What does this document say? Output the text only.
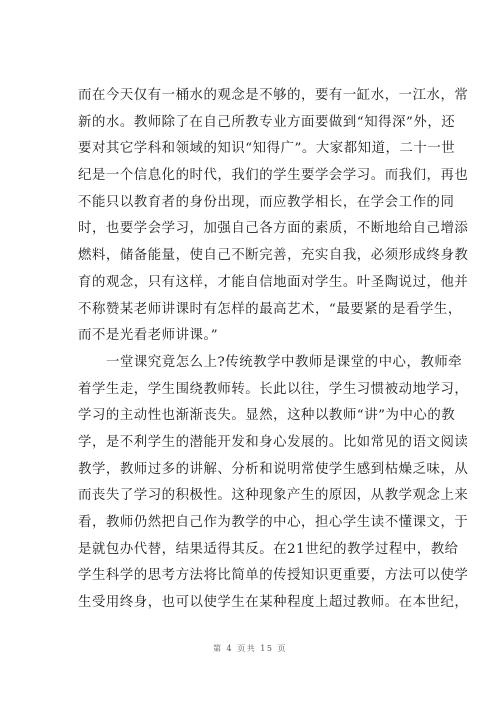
而在今天仅有一桶水的观念是不够的，要有一缸水，一江水，常
新的水。教师除了在自己所教专业方面要做到“知得深”外，还
要对其它学科和领域的知识“知得广”。大家都知道，二十一世
纪是一个信息化的时代，我们的学生要学会学习。而我们，再也
不能只以教育者的身份出现，而应教学相长，在学会工作的同
时，也要学会学习，加强自己各方面的素质，不断地给自己增添
燃料，储备能量，使自己不断完善，充实自我，必须形成终身教
育的观念，只有这样，才能自信地面对学生。叶圣陶说过，他并
不称赞某老师讲课时有怎样的最高艺术，“最要紧的是看学生，
而不是光看老师讲课。”
一堂课究竟怎么上?传统教学中教师是课堂的中心，教师牵
着学生走，学生围绕教师转。长此以往，学生习惯被动地学习，
学习的主动性也渐渐丧失。显然，这种以教师“讲”为中心的教
学，是不利学生的潜能开发和身心发展的。比如常见的语文阅读
教学，教师过多的讲解、分析和说明常使学生感到枯燥乏味，从
而丧失了学习的积极性。这种现象产生的原因，从教学观念上来
看，教师仍然把自己作为教学的中心，担心学生读不懂课文，于
是就包办代替，结果适得其反。在21世纪的教学过程中，教给
学生科学的思考方法将比简单的传授知识更重要，方法可以使学
生受用终身，也可以使学生在某种程度上超过教师。在本世纪，
第 4 页共 15 页
